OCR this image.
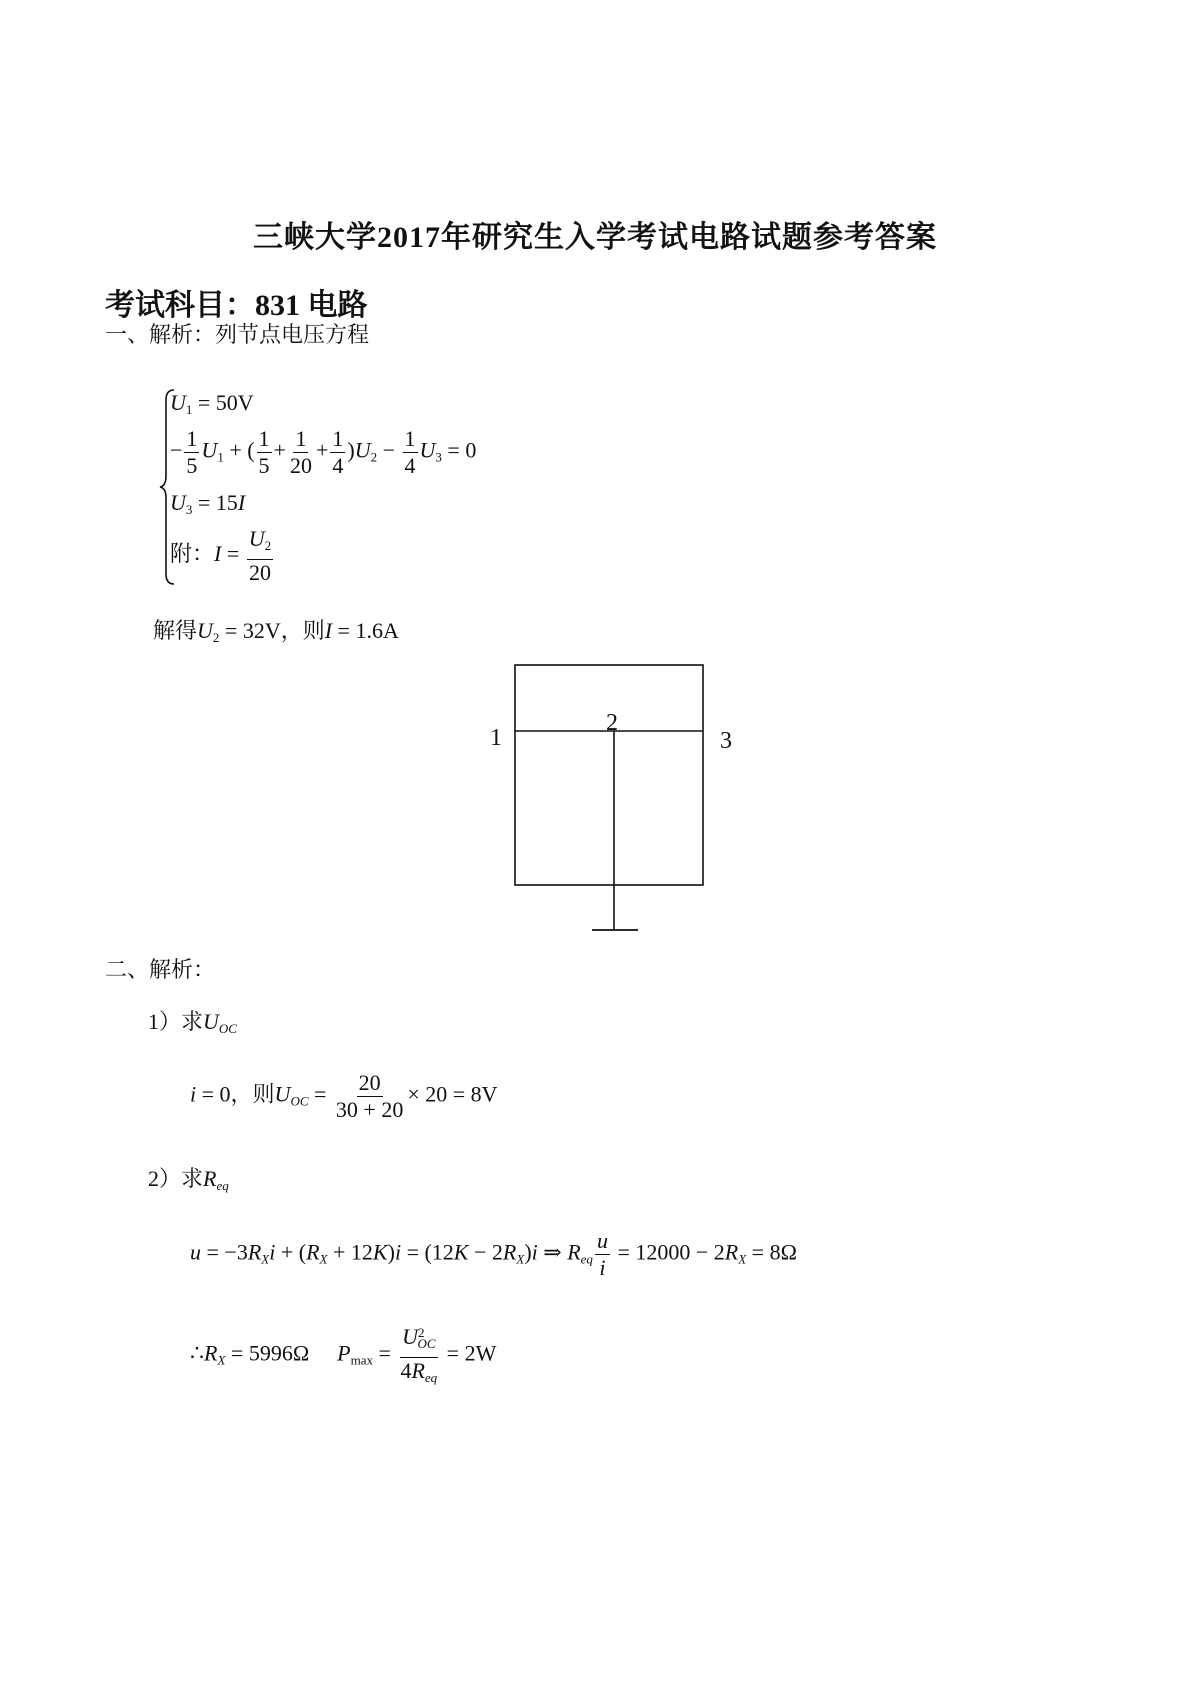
三峡大学2017年研究生入学考试电路试题参考答案
考试科目：831 电路
一、解析：列节点电压方程
$U_1 = 50V$
− $\frac{1}{5} U_1$ + ( $\frac{1}{5} + \frac{1}{20} + \frac{1}{4} )U_2 - \frac{1}{4} U_3 = 0$
$U_3 = 15I$
附：$I = \frac{U_2}{20}$
解得$U_2 = 32V$，则I = 1.6A
1
2
3
二、解析：
1）求$U_{OC}$
i = 0，则$U_{OC} = \frac{20}{30 + 20} \times 20 = 8V$
2）求$R_{eq}$
$u = -3R_Xi + (R_X + 12K)i = (12K - 2R_X)i$ ⇒ $R_{eq} \frac{u}{i} = 12000 - 2R_X = 8\Omega$
$\therefore R_X = 5996\Omega$ $P_{max} = \frac{U^2_{OC}}{4R_{eq}} = 2W$
